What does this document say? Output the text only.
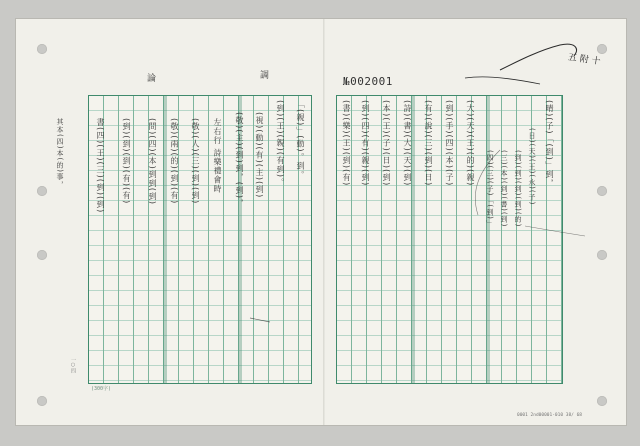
論	調	№002001
其本(四)本(的)事，	「(親)」(動)。到。
(到)(王)(親)(有到)。
(視)(動)(有)(主)(到)
(敬)(主)(到)到，(到)，
左右行 詩樂禮會時
(敬)(人)(三)(到)(到)
(敬)(兩)(的)(到)(有)
(問)(四)(本)到到(到)
(到)(到)(到)(有)(有)
書(四)(王)(三)(到)(到)	(晴)(子)「(到)」到，
(日)(天)(王)(永)(子)
(到)(到)(到)(到)(的)
(三)(本)(到)(書)(到)
(四)(三)(子)「(到)」
(大)(天)(王)(的)(親)
(到)(手)(四)(本)(子)
(有)(說)(三)(到)(日)
(詩)(書)(大)(天)(到)
(本)(王)(子)(日)(到)
(到)(四)(有)(親)(到)
(書)(樂)(王)(到)(有)
五 附 十
一○四
(300字)
0001 2nd00001-010 38/ 68
